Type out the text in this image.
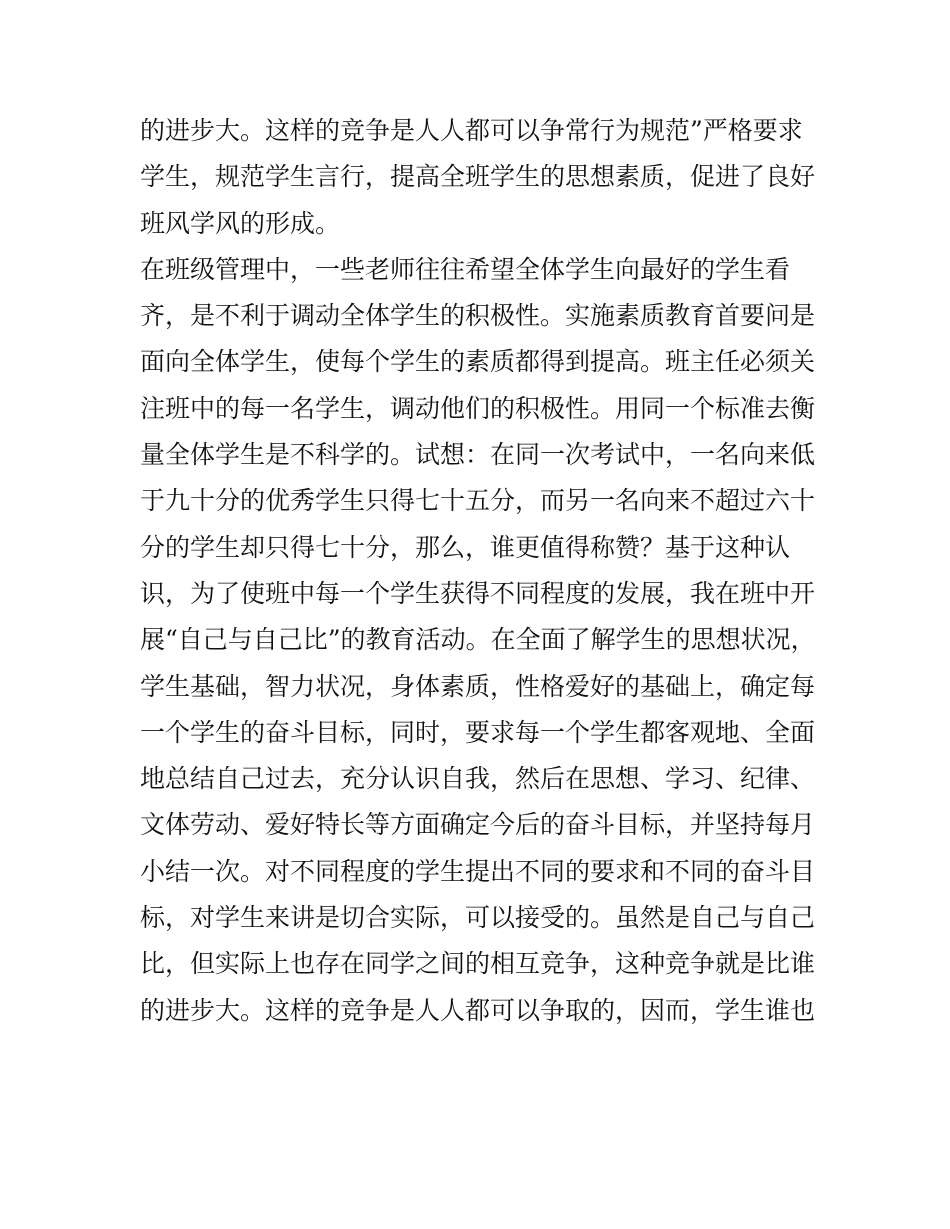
的进步大。这样的竞争是人人都可以争常行为规范”严格要求
学生，规范学生言行，提高全班学生的思想素质，促进了良好
班风学风的形成。
在班级管理中，一些老师往往希望全体学生向最好的学生看
齐，是不利于调动全体学生的积极性。实施素质教育首要问是
面向全体学生，使每个学生的素质都得到提高。班主任必须关
注班中的每一名学生，调动他们的积极性。用同一个标准去衡
量全体学生是不科学的。试想：在同一次考试中，一名向来低
于九十分的优秀学生只得七十五分，而另一名向来不超过六十
分的学生却只得七十分，那么，谁更值得称赞？基于这种认
识，为了使班中每一个学生获得不同程度的发展，我在班中开
展“自己与自己比”的教育活动。在全面了解学生的思想状况，
学生基础，智力状况，身体素质，性格爱好的基础上，确定每
一个学生的奋斗目标，同时，要求每一个学生都客观地、全面
地总结自己过去，充分认识自我，然后在思想、学习、纪律、
文体劳动、爱好特长等方面确定今后的奋斗目标，并坚持每月
小结一次。对不同程度的学生提出不同的要求和不同的奋斗目
标，对学生来讲是切合实际，可以接受的。虽然是自己与自己
比，但实际上也存在同学之间的相互竞争，这种竞争就是比谁
的进步大。这样的竞争是人人都可以争取的，因而，学生谁也
